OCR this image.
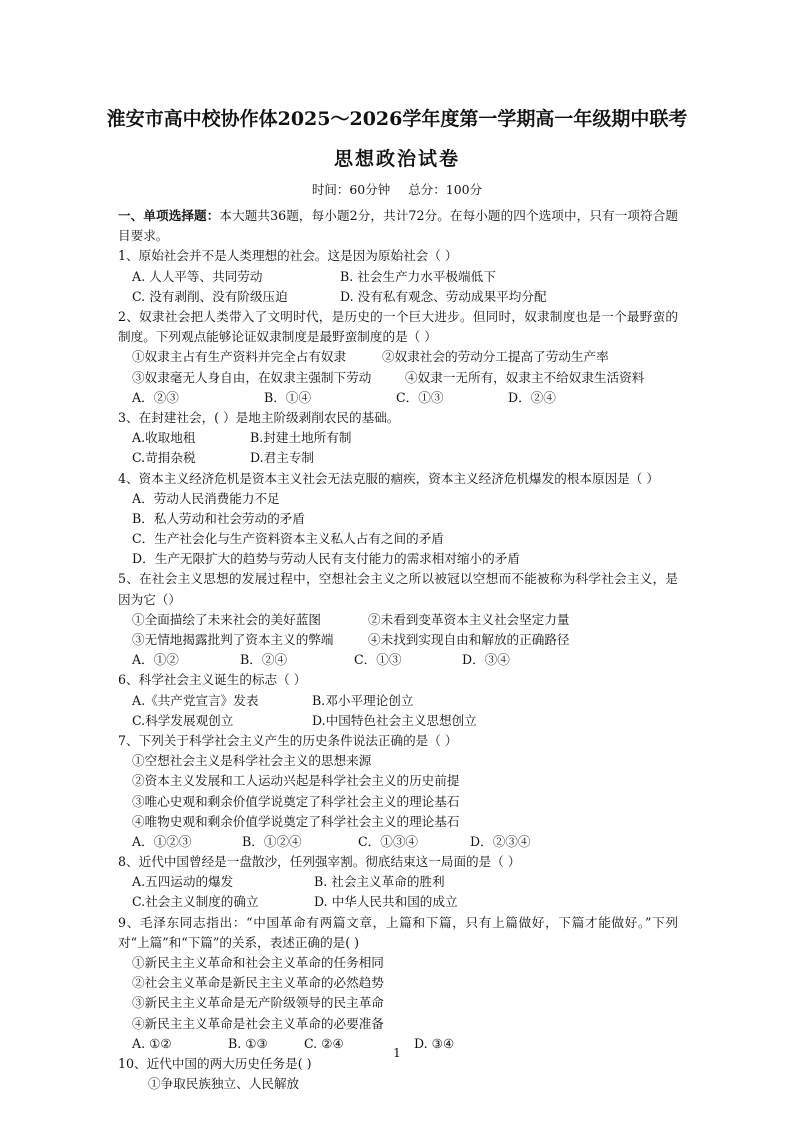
淮安市高中校协作体2025～2026学年度第一学期高一年级期中联考
思想政治试卷
时间：60分钟 总分：100分
一、单项选择题：本大题共36题，每小题2分，共计72分。在每小题的四个选项中，只有一项符合题目要求。
1、原始社会并不是人类理想的社会。这是因为原始社会（ ）
A. 人人平等、共同劳动	B. 社会生产力水平极端低下
C. 没有剥削、没有阶级压迫	D. 没有私有观念、劳动成果平均分配
2、奴隶社会把人类带入了文明时代，是历史的一个巨大进步。但同时，奴隶制度也是一个最野蛮的制度。下列观点能够论证奴隶制度是最野蛮制度的是（ ）
①奴隶主占有生产资料并完全占有奴隶	②奴隶社会的劳动分工提高了劳动生产率
③奴隶毫无人身自由，在奴隶主强制下劳动	④奴隶一无所有，奴隶主不给奴隶生活资料
A．②③	B．①④	C．①③	D．②④
3、在封建社会，( ）是地主阶级剥削农民的基础。
A.收取地租	B.封建土地所有制
C.苛捐杂税	D.君主专制
4、资本主义经济危机是资本主义社会无法克服的痼疾，资本主义经济危机爆发的根本原因是（ ）
A．劳动人民消费能力不足
B．私人劳动和社会劳动的矛盾
C．生产社会化与生产资料资本主义私人占有之间的矛盾
D．生产无限扩大的趋势与劳动人民有支付能力的需求相对缩小的矛盾
5、在社会主义思想的发展过程中，空想社会主义之所以被冠以空想而不能被称为科学社会主义，是因为它（）
①全面描绘了未来社会的美好蓝图	②未看到变革资本主义社会坚定力量
③无情地揭露批判了资本主义的弊端	④未找到实现自由和解放的正确路径
A．①②	B．②④	C．①③	D．③④
6、科学社会主义诞生的标志（ ）
A.《共产党宣言》发表	B.邓小平理论创立
C.科学发展观创立	D.中国特色社会主义思想创立
7、下列关于科学社会主义产生的历史条件说法正确的是（ ）
①空想社会主义是科学社会主义的思想来源
②资本主义发展和工人运动兴起是科学社会主义的历史前提
③唯心史观和剩余价值学说奠定了科学社会主义的理论基石
④唯物史观和剩余价值学说奠定了科学社会主义的理论基石
A．①②③	B．①②④	C．①③④	D．②③④
8、近代中国曾经是一盘散沙，任列强宰割。彻底结束这一局面的是（ ）
A.五四运动的爆发	B. 社会主义革命的胜利
C.社会主义制度的确立	D. 中华人民共和国的成立
9、毛泽东同志指出：“中国革命有两篇文章，上篇和下篇，只有上篇做好，下篇才能做好。”下列对“上篇”和“下篇”的关系，表述正确的是( )
①新民主主义革命和社会主义革命的任务相同
②社会主义革命是新民主主义革命的必然趋势
③新民主主义革命是无产阶级领导的民主革命
④新民主主义革命是社会主义革命的必要准备
A. ①②	B. ①③	C. ②④	D. ③④
10、近代中国的两大历史任务是( )
①争取民族独立、人民解放
1
